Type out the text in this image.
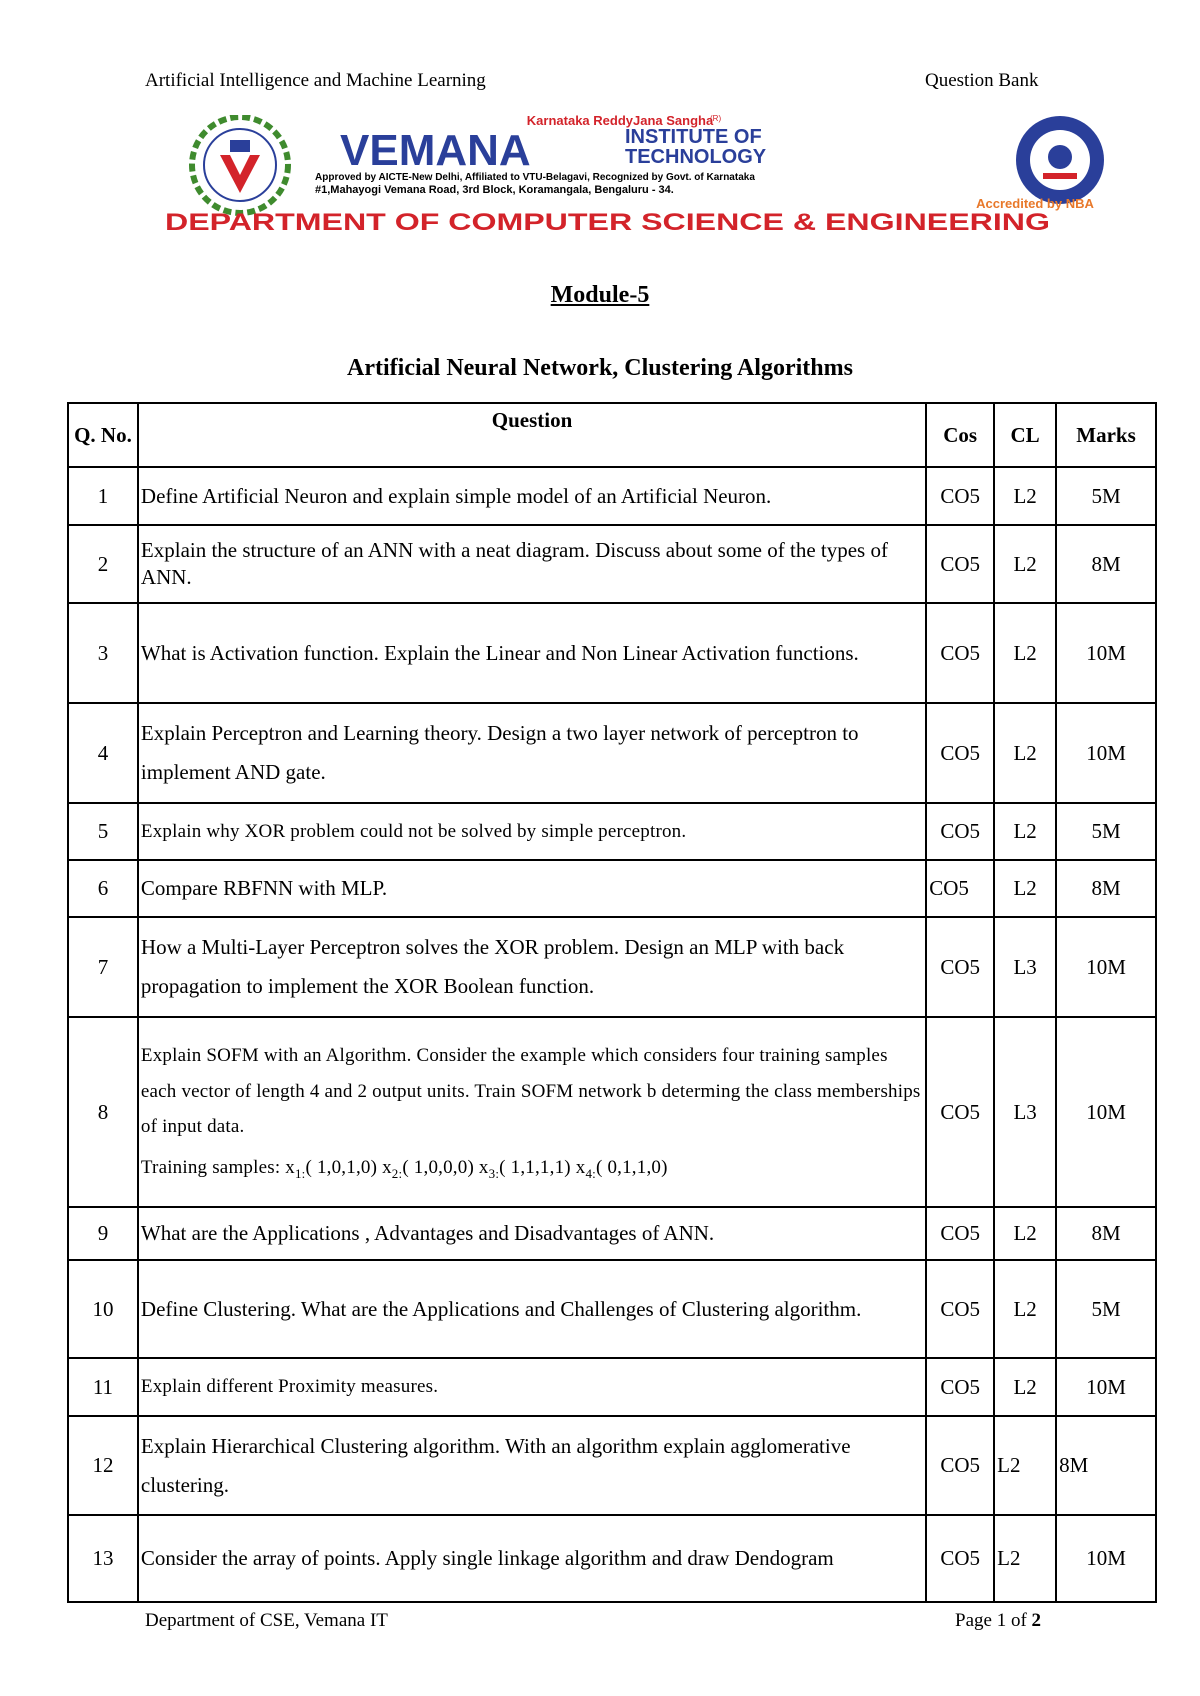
Artificial Intelligence and Machine Learning	Question Bank
Karnataka ReddyJana Sangha
(R)
VEMANA	INSTITUTE OF
TECHNOLOGY
Approved by AICTE-New Delhi, Affiliated to VTU-Belagavi, Recognized by Govt. of Karnataka
#1,Mahayogi Vemana Road, 3rd Block, Koramangala, Bengaluru - 34.
Accredited by NBA
DEPARTMENT OF COMPUTER SCIENCE & ENGINEERING
Module-5
Artificial Neural Network, Clustering Algorithms
Q. No.	Question	Cos	CL	Marks
1	Define Artificial Neuron and explain simple model of an Artificial Neuron.	CO5	L2	5M
2	Explain the structure of an ANN with a neat diagram. Discuss about some of the types of ANN.	CO5	L2	8M
3	What is Activation function. Explain the Linear and Non Linear Activation functions.	CO5	L2	10M
4	Explain Perceptron and Learning theory. Design a two layer network of perceptron to implement AND gate.	CO5	L2	10M
5	Explain why XOR problem could not be solved by simple perceptron.	CO5	L2	5M
6	Compare RBFNN with MLP.	CO5	L2	8M
7	How a Multi-Layer Perceptron solves the XOR problem. Design an MLP with back propagation to implement the XOR Boolean function.	CO5	L3	10M
8	Explain SOFM with an Algorithm. Consider the example which considers four training samples each vector of length 4 and 2 output units. Train SOFM network b determing the class memberships of input data.
Training samples: $x_{1:}$( 1,0,1,0) $x_{2:}$( 1,0,0,0) $x_{3:}$( 1,1,1,1) $x_{4:}$( 0,1,1,0)	CO5	L3	10M
9	What are the Applications , Advantages and Disadvantages of ANN.	CO5	L2	8M
10	Define Clustering. What are the Applications and Challenges of Clustering algorithm.	CO5	L2	5M
11	Explain different Proximity measures.	CO5	L2	10M
12	Explain Hierarchical Clustering algorithm. With an algorithm explain agglomerative clustering.	CO5	L2	8M
13	Consider the array of points. Apply single linkage algorithm and draw Dendogram	CO5	L2	10M
Department of CSE, Vemana IT	Page 1 of 2
